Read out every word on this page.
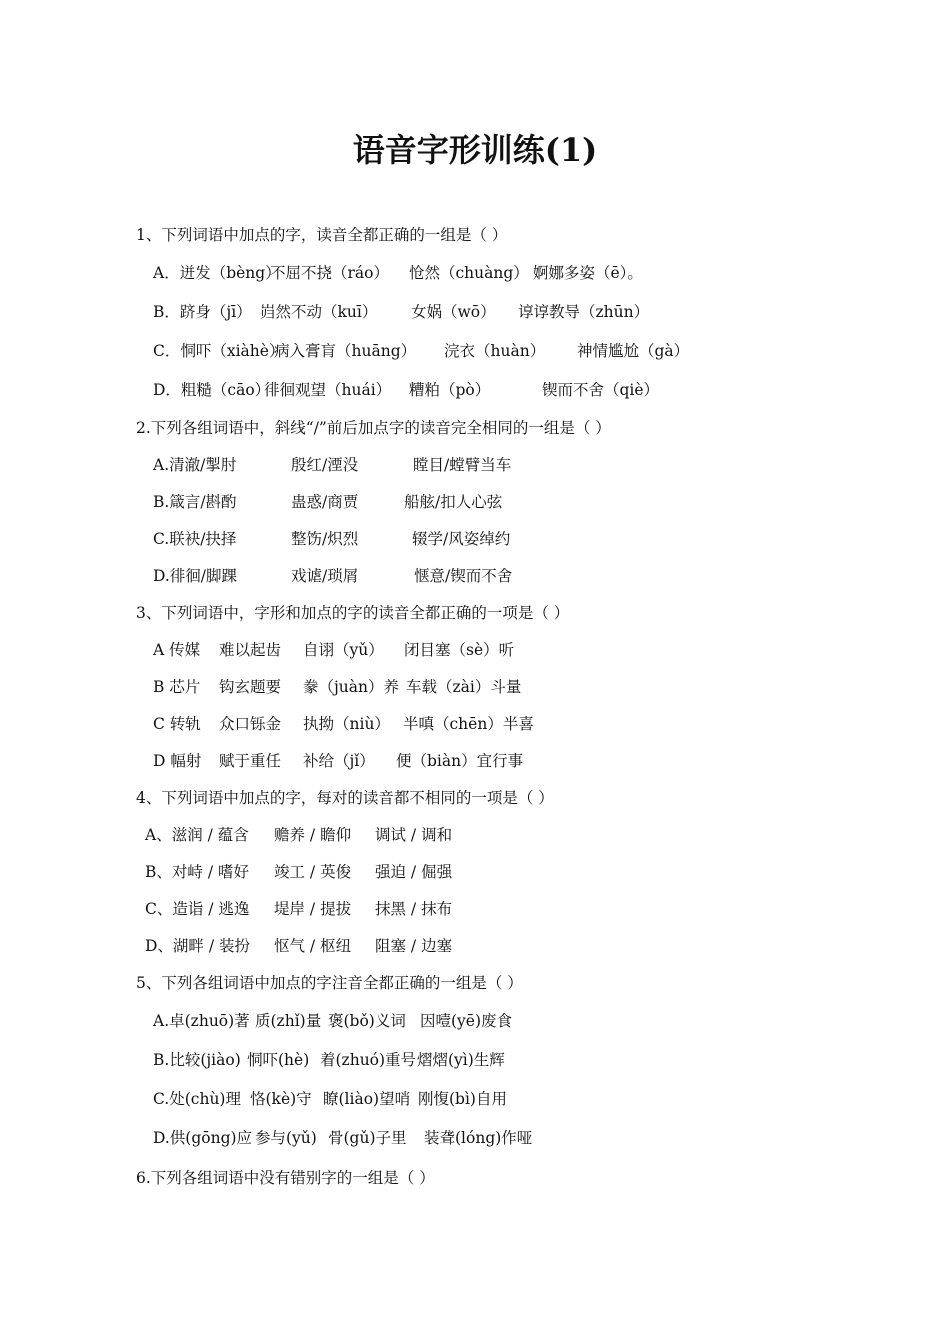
语音字形训练(1)
1、下列词语中加点的字，读音全都正确的一组是（ ）
A．迸发（bèng）不屈不挠（ráo） 怆然（chuàng） 婀娜多姿（ē）。
B．跻身（jī） 岿然不动（kuī） 女娲（wō） 谆谆教导（zhūn）
C．恫吓（xiàhè）病入膏肓（huāng） 浣衣（huàn） 神情尴尬（gà）
D．粗糙（cāo）徘徊观望（huái） 糟粕（pò）	锲而不舍（qiè）
2.下列各组词语中，斜线“/”前后加点字的读音完全相同的一组是（ ）
A.清澈/掣肘	殷红/湮没	瞠目/螳臂当车
B.箴言/斟酌	蛊惑/商贾	船舷/扣人心弦
C.联袂/抉择	整饬/炽烈	辍学/风姿绰约
D.徘徊/脚踝	戏谑/琐屑	惬意/锲而不舍
3、下列词语中，字形和加点的字的读音全都正确的一项是（ ）
A 传媒 难以起齿 自诩（yǔ） 闭目塞（sè）听
B 芯片 钩玄题要 豢（juàn）养 车载（zài）斗量
C 转轨 众口铄金 执拗（niù） 半嗔（chēn）半喜
D 幅射 赋于重任 补给（jǐ） 便（biàn）宜行事
4、下列词语中加点的字，每对的读音都不相同的一项是（ ）
A、滋润 / 蕴含 赡养 / 瞻仰 调试 / 调和
B、对峙 / 嗜好 竣工 / 英俊 强迫 / 倔强
C、造诣 / 逃逸 堤岸 / 提拔 抹黑 / 抹布
D、湖畔 / 装扮 怄气 / 枢纽 阻塞 / 边塞
5、下列各组词语中加点的字注音全都正确的一组是（ ）
A.卓(zhuō)著 质(zhǐ)量 褒(bǒ)义词 因噎(yē)废食
B.比较(jiào) 恫吓(hè) 着(zhuó)重号熠熠(yì)生辉
C.处(chù)理 恪(kè)守 瞭(liào)望哨 刚愎(bì)自用
D.供(gōng)应 参与(yǔ) 骨(gǔ)子里 装聋(lóng)作哑
6.下列各组词语中没有错别字的一组是（ ）
